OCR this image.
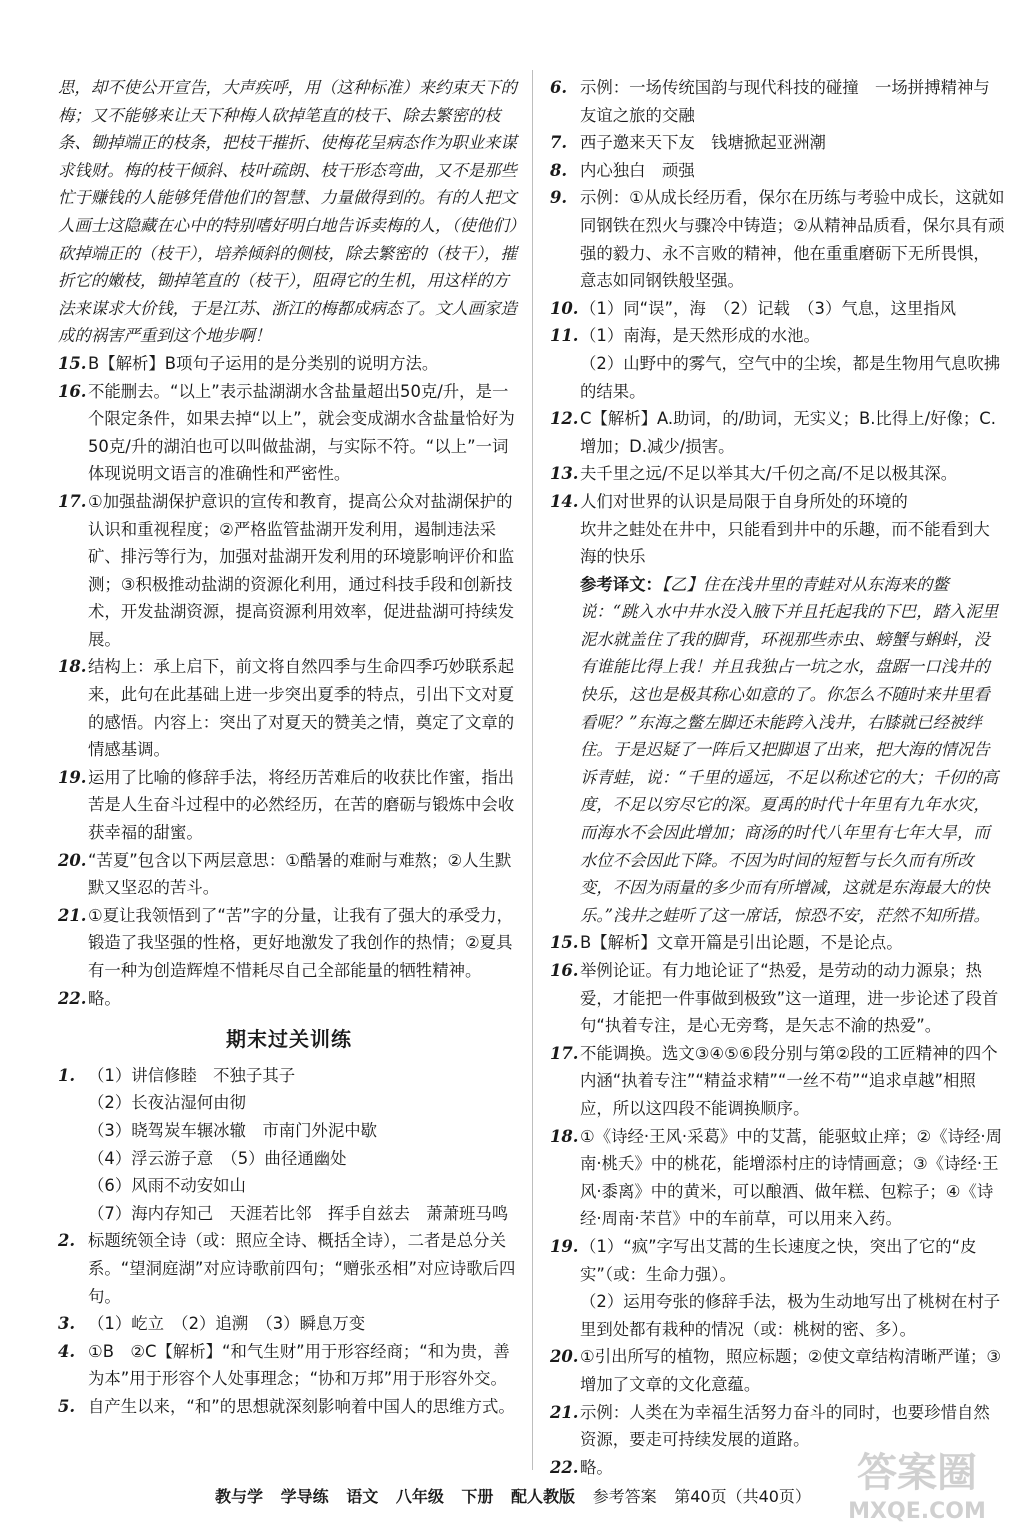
思，却不使公开宣告，大声疾呼，用（这种标准）来约束天下的梅；又不能够来让天下种梅人砍掉笔直的枝干、除去繁密的枝条、锄掉端正的枝条，把枝干摧折、使梅花呈病态作为职业来谋求钱财。梅的枝干倾斜、枝叶疏朗、枝干形态弯曲，又不是那些忙于赚钱的人能够凭借他们的智慧、力量做得到的。有的人把文人画士这隐藏在心中的特别嗜好明白地告诉卖梅的人，（使他们）砍掉端正的（枝干），培养倾斜的侧枝，除去繁密的（枝干），摧折它的嫩枝，锄掉笔直的（枝干），阻碍它的生机，用这样的方法来谋求大价钱，于是江苏、浙江的梅都成病态了。文人画家造成的祸害严重到这个地步啊！

15. B【解析】B项句子运用的是分类别的说明方法。
16. 不能删去。“以上”表示盐湖湖水含盐量超出50克/升，是一个限定条件，如果去掉“以上”，就会变成湖水含盐量恰好为50克/升的湖泊也可以叫做盐湖，与实际不符。“以上”一词体现说明文语言的准确性和严密性。
17. ①加强盐湖保护意识的宣传和教育，提高公众对盐湖保护的认识和重视程度；②严格监管盐湖开发利用，遏制违法采矿、排污等行为，加强对盐湖开发利用的环境影响评价和监测；③积极推动盐湖的资源化利用，通过科技手段和创新技术，开发盐湖资源，提高资源利用效率，促进盐湖可持续发展。
18. 结构上：承上启下，前文将自然四季与生命四季巧妙联系起来，此句在此基础上进一步突出夏季的特点，引出下文对夏的感悟。内容上：突出了对夏天的赞美之情，奠定了文章的情感基调。
19. 运用了比喻的修辞手法，将经历苦难后的收获比作蜜，指出苦是人生奋斗过程中的必然经历，在苦的磨砺与锻炼中会收获幸福的甜蜜。
20. “苦夏”包含以下两层意思：①酷暑的难耐与难熬；②人生默默又坚忍的苦斗。
21. ①夏让我领悟到了“苦”字的分量，让我有了强大的承受力，锻造了我坚强的性格，更好地激发了我创作的热情；②夏具有一种为创造辉煌不惜耗尽自己全部能量的牺牲精神。
22. 略。
期末过关训练
1. （1）讲信修睦　不独子其子
（2）长夜沾湿何由彻
（3）晓驾炭车辗冰辙　市南门外泥中歇
（4）浮云游子意　（5）曲径通幽处
（6）风雨不动安如山
（7）海内存知己　天涯若比邻　挥手自兹去　萧萧班马鸣
2. 标题统领全诗（或：照应全诗、概括全诗），二者是总分关系。“望洞庭湖”对应诗歌前四句；“赠张丞相”对应诗歌后四句。
3. （1）屹立　（2）追溯　（3）瞬息万变
4. ①B　②C【解析】“和气生财”用于形容经商；“和为贵，善为本”用于形容个人处事理念；“协和万邦”用于形容外交。
5. 自产生以来，“和”的思想就深刻影响着中国人的思维方式。
6. 示例：一场传统国韵与现代科技的碰撞　一场拼搏精神与友谊之旅的交融
7. 西子邀来天下友　钱塘掀起亚洲潮
8. 内心独白　顽强
9. 示例：①从成长经历看，保尔在历练与考验中成长，这就如同钢铁在烈火与骤冷中铸造；②从精神品质看，保尔具有顽强的毅力、永不言败的精神，他在重重磨砺下无所畏惧，意志如同钢铁般坚强。
10. （1）同“误”，海　（2）记载　（3）气息，这里指风
11. （1）南海，是天然形成的水池。
（2）山野中的雾气，空气中的尘埃，都是生物用气息吹拂的结果。
12. C【解析】A.助词，的/助词，无实义；B.比得上/好像；C.增加；D.减少/损害。
13. 夫千里之远/不足以举其大/千仞之高/不足以极其深。
14. 人们对世界的认识是局限于自身所处的环境的
坎井之蛙处在井中，只能看到井中的乐趣，而不能看到大海的快乐

参考译文：【乙】住在浅井里的青蛙对从东海来的鳖说：“跳入水中井水没入腋下并且托起我的下巴，踏入泥里泥水就盖住了我的脚背，环视那些赤虫、螃蟹与蝌蚪，没有谁能比得上我！并且我独占一坑之水，盘踞一口浅井的快乐，这也是极其称心如意的了。你怎么不随时来井里看看呢？”东海之鳖左脚还未能跨入浅井，右膝就已经被绊住。于是迟疑了一阵后又把脚退了出来，把大海的情况告诉青蛙，说：“千里的遥远，不足以称述它的大；千仞的高度，不足以穷尽它的深。夏禹的时代十年里有九年水灾，而海水不会因此增加；商汤的时代八年里有七年大旱，而水位不会因此下降。不因为时间的短暂与长久而有所改变，不因为雨量的多少而有所增减，这就是东海最大的快乐。”浅井之蛙听了这一席话，惊恐不安，茫然不知所措。

15. B【解析】文章开篇是引出论题，不是论点。
16. 举例论证。有力地论证了“热爱，是劳动的动力源泉；热爱，才能把一件事做到极致”这一道理，进一步论述了段首句“执着专注，是心无旁骛，是矢志不渝的热爱”。
17. 不能调换。选文③④⑤⑥段分别与第②段的工匠精神的四个内涵“执着专注”“精益求精”“一丝不苟”“追求卓越”相照应，所以这四段不能调换顺序。
18. ①《诗经·王风·采葛》中的艾蒿，能驱蚊止痒；②《诗经·周南·桃夭》中的桃花，能增添村庄的诗情画意；③《诗经·王风·黍离》中的黄米，可以酿酒、做年糕、包粽子；④《诗经·周南·芣苢》中的车前草，可以用来入药。
19. （1）“疯”字写出艾蒿的生长速度之快，突出了它的“皮实”（或：生命力强）。
（2）运用夸张的修辞手法，极为生动地写出了桃树在村子里到处都有栽种的情况（或：桃树的密、多）。
20. ①引出所写的植物，照应标题；②使文章结构清晰严谨；③增加了文章的文化意蕴。
21. 示例：人类在为幸福生活努力奋斗的同时，也要珍惜自然资源，要走可持续发展的道路。
22. 略。
教与学 学导练 语文 八年级 下册 配人教版 参考答案 第40页（共40页）
答案圈
MXQE.COM
